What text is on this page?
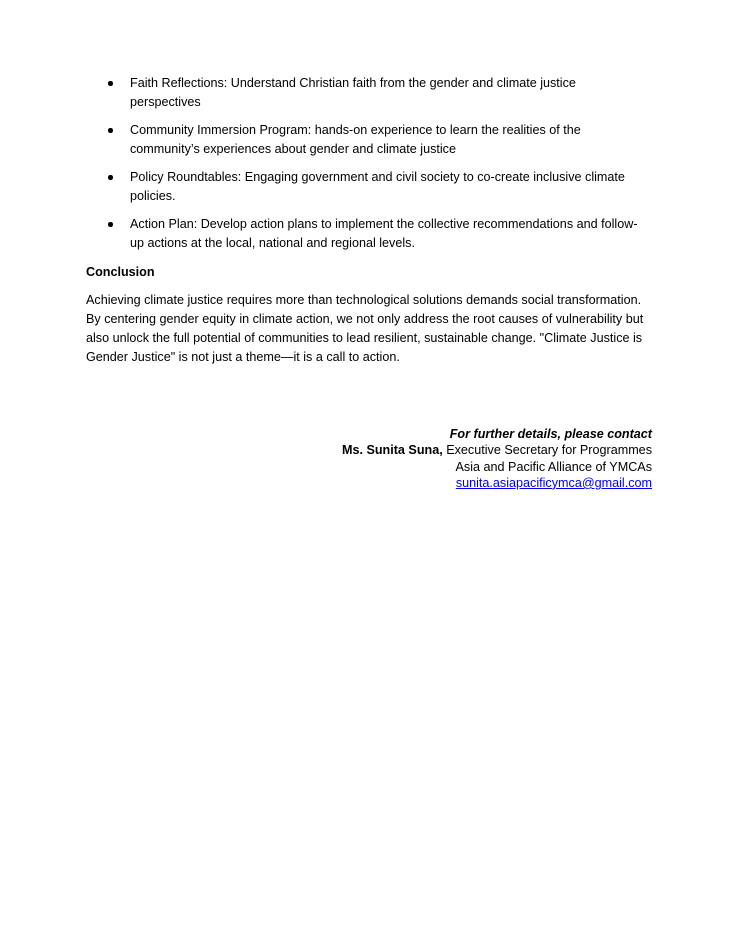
Faith Reflections: Understand Christian faith from the gender and climate justice perspectives
Community Immersion Program: hands-on experience to learn the realities of the community’s experiences about gender and climate justice
Policy Roundtables: Engaging government and civil society to co-create inclusive climate policies.
Action Plan: Develop action plans to implement the collective recommendations and follow-up actions at the local, national and regional levels.
Conclusion

Achieving climate justice requires more than technological solutions demands social transformation. By centering gender equity in climate action, we not only address the root causes of vulnerability but also unlock the full potential of communities to lead resilient, sustainable change. "Climate Justice is Gender Justice" is not just a theme—it is a call to action.

For further details, please contact
Ms. Sunita Suna, Executive Secretary for Programmes
Asia and Pacific Alliance of YMCAs
sunita.asiapacificymca@gmail.com
